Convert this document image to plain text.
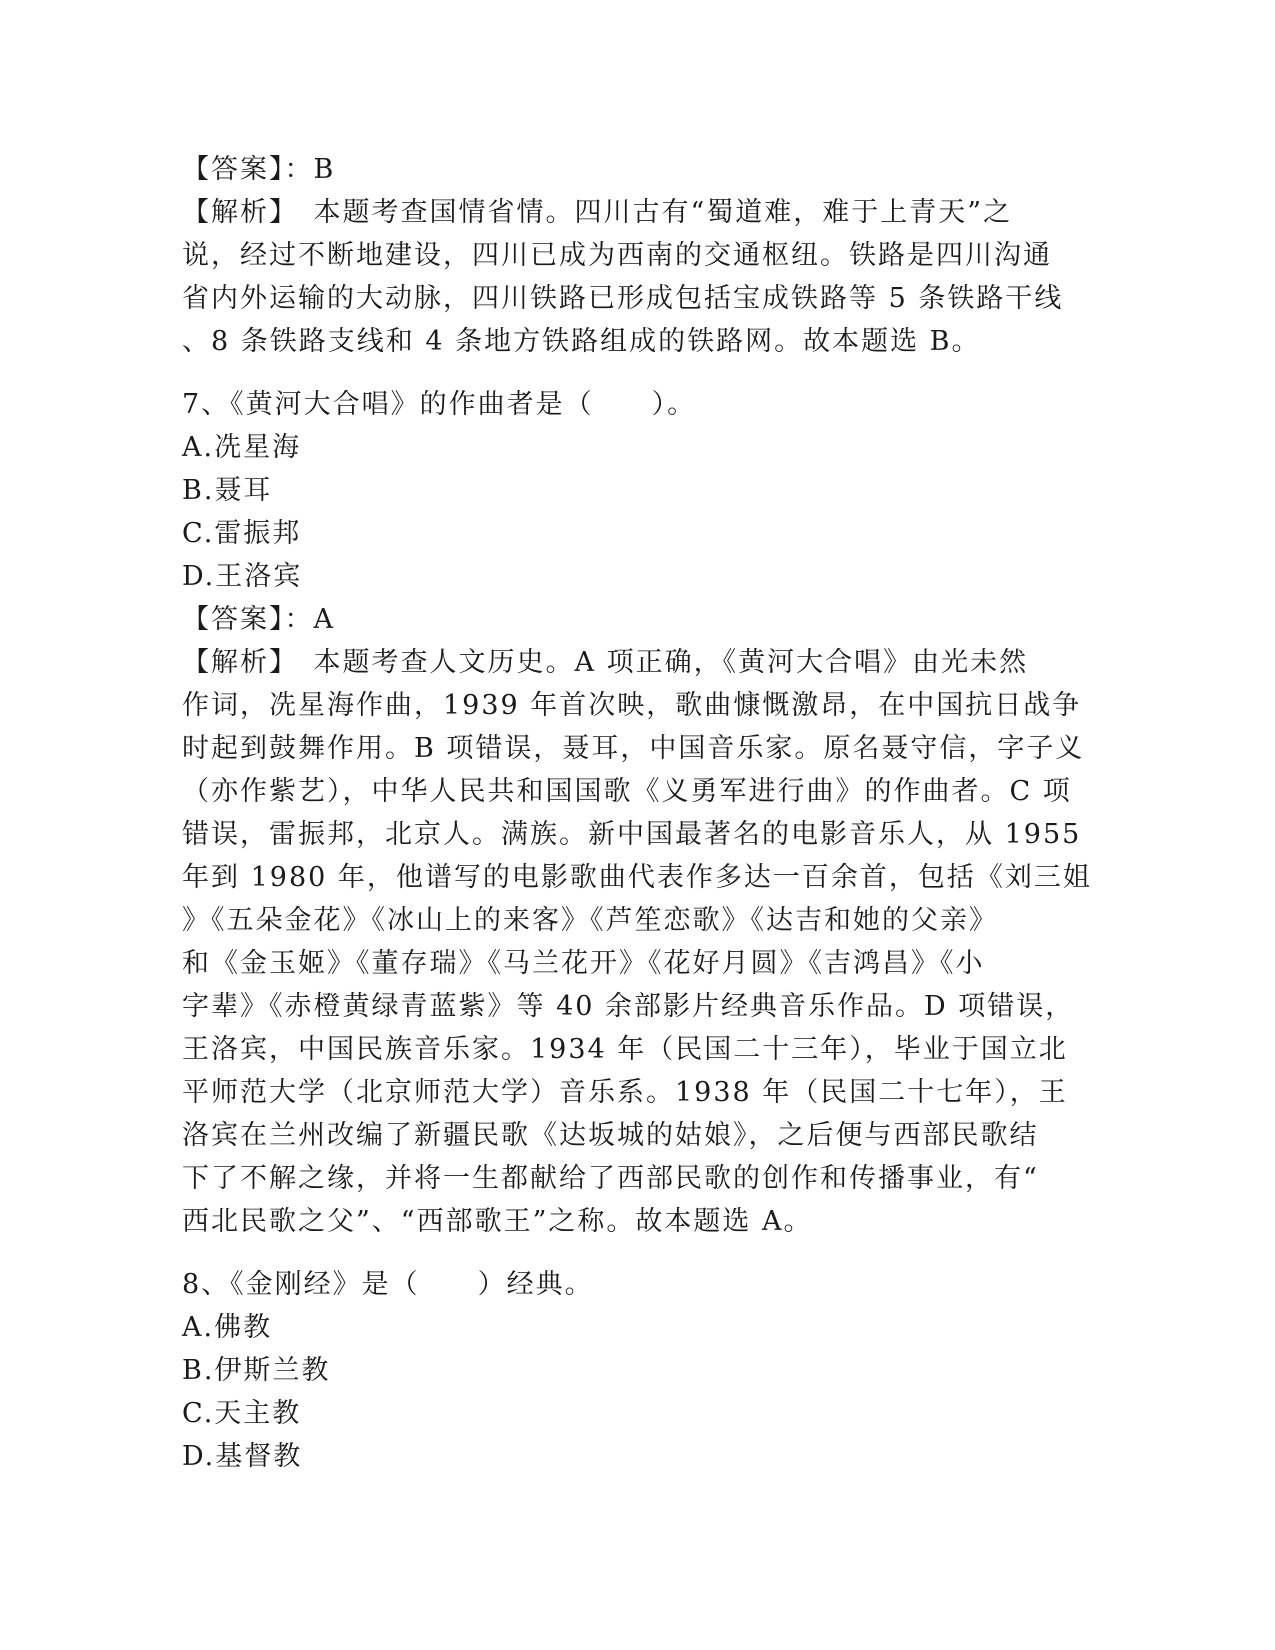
【答案】：B
【解析】　本题考查国情省情。四川古有“蜀道难，难于上青天”之
说，经过不断地建设，四川已成为西南的交通枢纽。铁路是四川沟通
省内外运输的大动脉，四川铁路已形成包括宝成铁路等 5 条铁路干线
、8 条铁路支线和 4 条地方铁路组成的铁路网。故本题选 B。
7、《黄河大合唱》的作曲者是（　　）。
A.冼星海
B.聂耳
C.雷振邦
D.王洛宾
【答案】：A
【解析】　本题考查人文历史。A 项正确，《黄河大合唱》由光未然
作词，冼星海作曲，1939 年首次映，歌曲慷慨激昂，在中国抗日战争
时起到鼓舞作用。B 项错误，聂耳，中国音乐家。原名聂守信，字子义
（亦作紫艺），中华人民共和国国歌《义勇军进行曲》的作曲者。C 项
错误，雷振邦，北京人。满族。新中国最著名的电影音乐人，从 1955
年到 1980 年，他谱写的电影歌曲代表作多达一百余首，包括《刘三姐
》《五朵金花》《冰山上的来客》《芦笙恋歌》《达吉和她的父亲》
和《金玉姬》《董存瑞》《马兰花开》《花好月圆》《吉鸿昌》《小
字辈》《赤橙黄绿青蓝紫》等 40 余部影片经典音乐作品。D 项错误，
王洛宾，中国民族音乐家。1934 年（民国二十三年），毕业于国立北
平师范大学（北京师范大学）音乐系。1938 年（民国二十七年），王
洛宾在兰州改编了新疆民歌《达坂城的姑娘》，之后便与西部民歌结
下了不解之缘，并将一生都献给了西部民歌的创作和传播事业，有“
西北民歌之父”、“西部歌王”之称。故本题选 A。
8、《金刚经》是（　　）经典。
A.佛教
B.伊斯兰教
C.天主教
D.基督教
